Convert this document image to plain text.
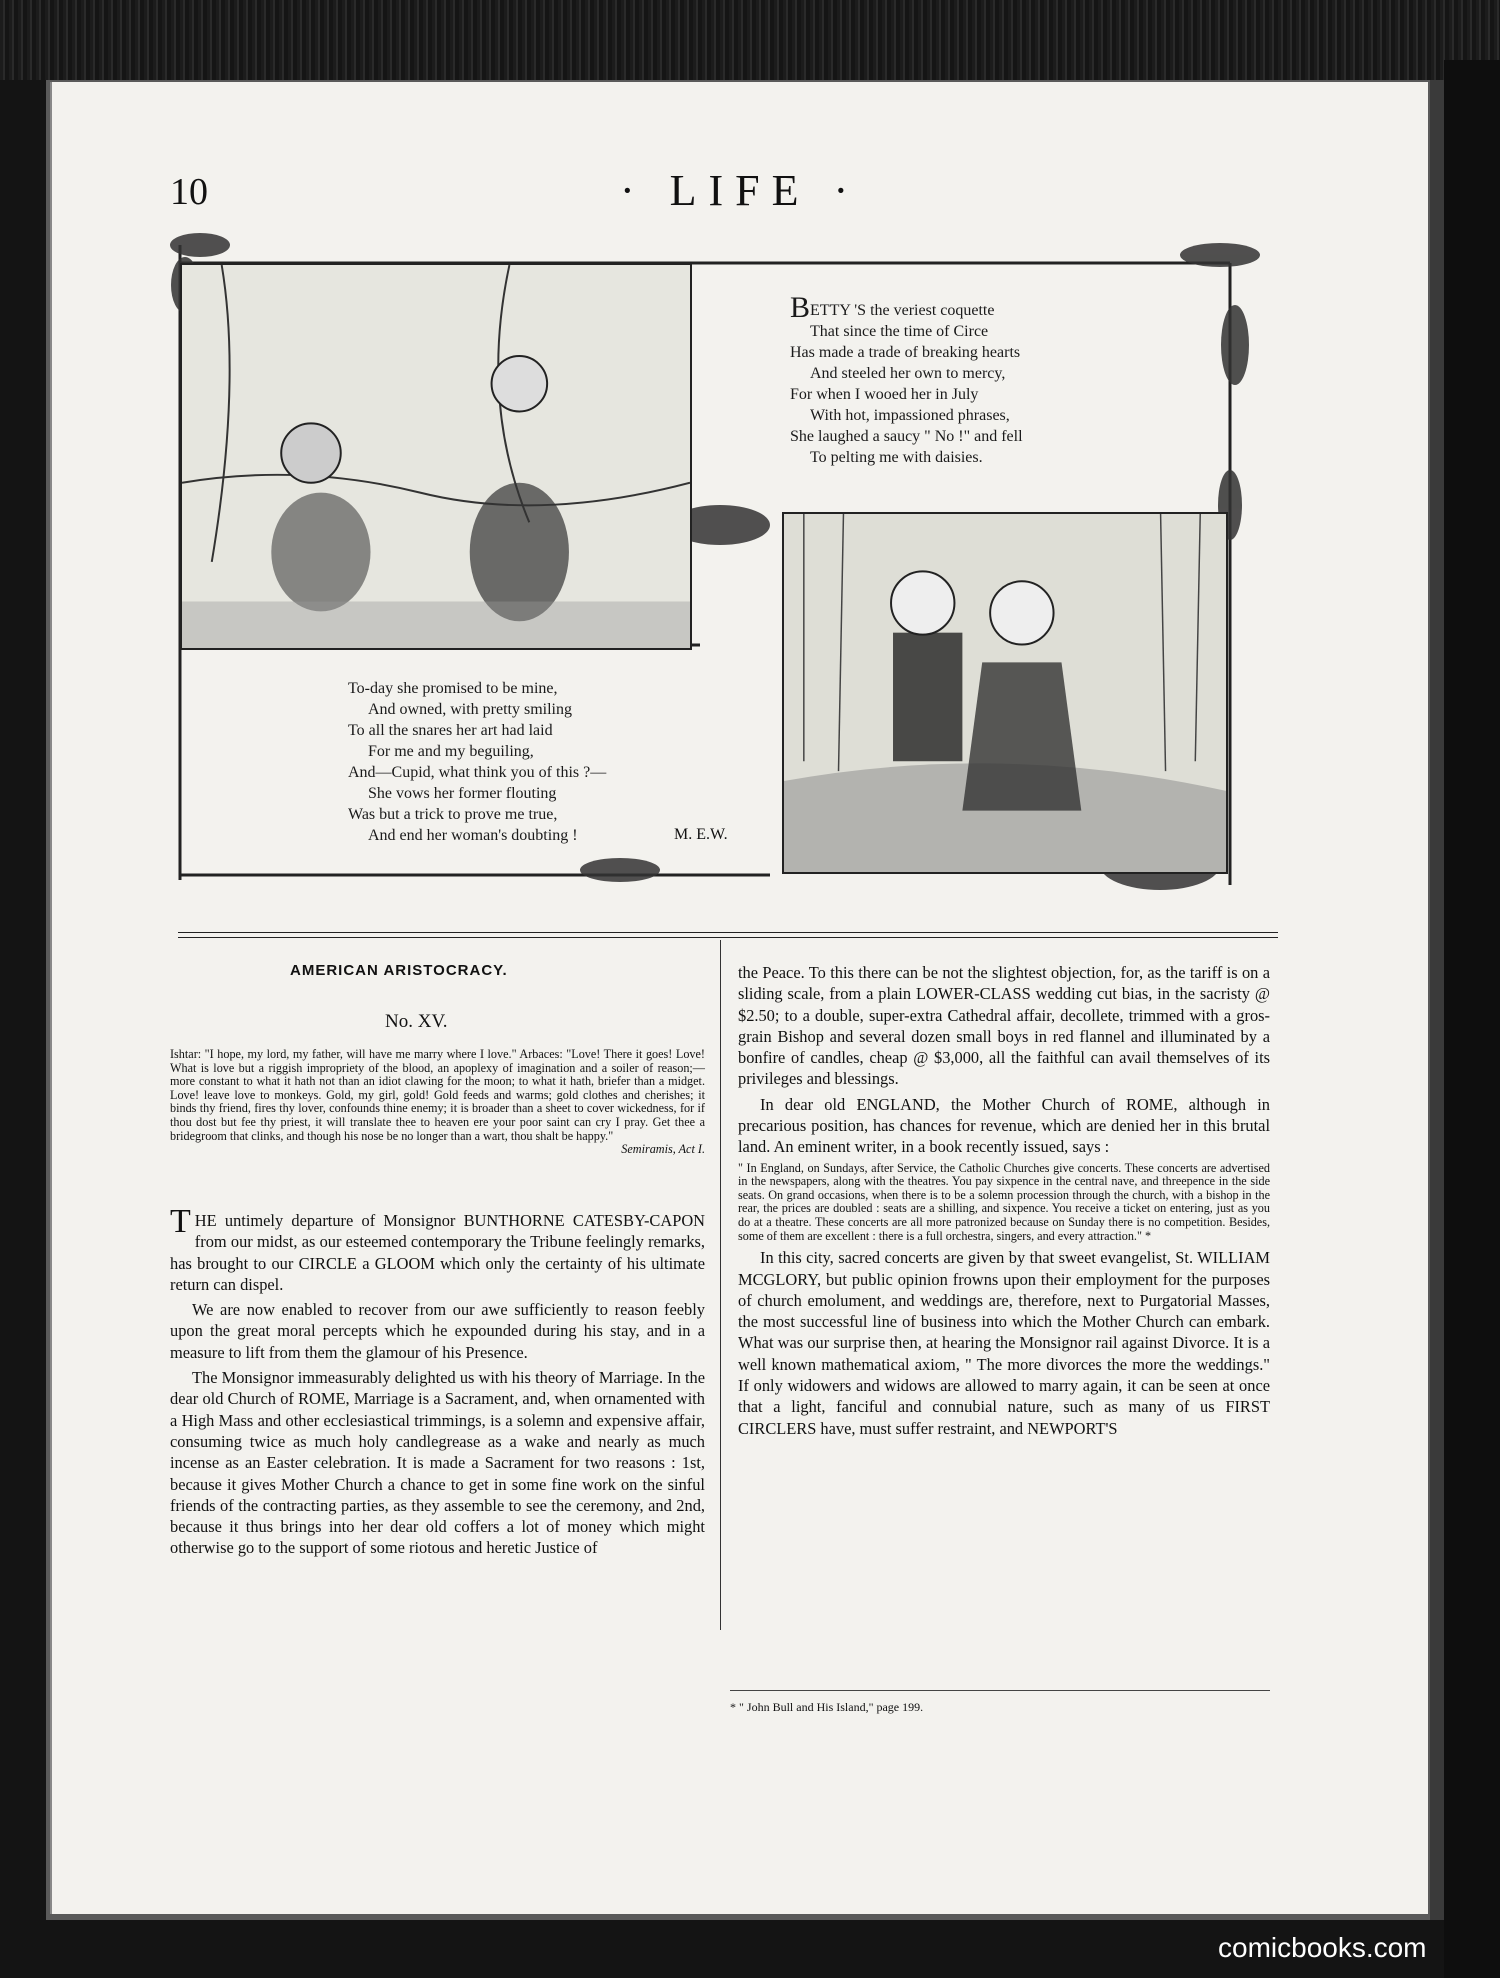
10	· LIFE ·
BETTY 'S the veriest coquette
That since the time of Circe
Has made a trade of breaking hearts
And steeled her own to mercy,
For when I wooed her in July
With hot, impassioned phrases,
She laughed a saucy " No !" and fell
To pelting me with daisies.
To-day she promised to be mine,
And owned, with pretty smiling
To all the snares her art had laid
For me and my beguiling,
And—Cupid, what think you of this ?—
She vows her former flouting
Was but a trick to prove me true,
And end her woman's doubting !	M. E.W.
AMERICAN ARISTOCRACY.
No. XV.

Ishtar: "I hope, my lord, my father, will have me marry where I love." Arbaces: "Love! There it goes! Love! What is love but a riggish impropriety of the blood, an apoplexy of imagination and a soiler of reason;—more constant to what it hath not than an idiot clawing for the moon; to what it hath, briefer than a midget. Love! leave love to monkeys. Gold, my girl, gold! Gold feeds and warms; gold clothes and cherishes; it binds thy friend, fires thy lover, confounds thine enemy; it is broader than a sheet to cover wickedness, for if thou dost but fee thy priest, it will translate thee to heaven ere your poor saint can cry I pray. Get thee a bridegroom that clinks, and though his nose be no longer than a wart, thou shalt be happy."

Semiramis, Act I.

THE untimely departure of Monsignor BUNTHORNE CATESBY-CAPON from our midst, as our esteemed contemporary the Tribune feelingly remarks, has brought to our CIRCLE a GLOOM which only the certainty of his ultimate return can dispel.

We are now enabled to recover from our awe sufficiently to reason feebly upon the great moral percepts which he expounded during his stay, and in a measure to lift from them the glamour of his Presence.

The Monsignor immeasurably delighted us with his theory of Marriage. In the dear old Church of ROME, Marriage is a Sacrament, and, when ornamented with a High Mass and other ecclesiastical trimmings, is a solemn and expensive affair, consuming twice as much holy candlegrease as a wake and nearly as much incense as an Easter celebration. It is made a Sacrament for two reasons : 1st, because it gives Mother Church a chance to get in some fine work on the sinful friends of the contracting parties, as they assemble to see the ceremony, and 2nd, because it thus brings into her dear old coffers a lot of money which might otherwise go to the support of some riotous and heretic Justice of

the Peace. To this there can be not the slightest objection, for, as the tariff is on a sliding scale, from a plain LOWER-CLASS wedding cut bias, in the sacristy @ $2.50; to a double, super-extra Cathedral affair, decollete, trimmed with a gros-grain Bishop and several dozen small boys in red flannel and illuminated by a bonfire of candles, cheap @ $3,000, all the faithful can avail themselves of its privileges and blessings.

In dear old ENGLAND, the Mother Church of ROME, although in precarious position, has chances for revenue, which are denied her in this brutal land. An eminent writer, in a book recently issued, says :

" In England, on Sundays, after Service, the Catholic Churches give concerts. These concerts are advertised in the newspapers, along with the theatres. You pay sixpence in the central nave, and threepence in the side seats. On grand occasions, when there is to be a solemn procession through the church, with a bishop in the rear, the prices are doubled : seats are a shilling, and sixpence. You receive a ticket on entering, just as you do at a theatre. These concerts are all more patronized because on Sunday there is no competition. Besides, some of them are excellent : there is a full orchestra, singers, and every attraction." *

In this city, sacred concerts are given by that sweet evangelist, St. WILLIAM MCGLORY, but public opinion frowns upon their employment for the purposes of church emolument, and weddings are, therefore, next to Purgatorial Masses, the most successful line of business into which the Mother Church can embark. What was our surprise then, at hearing the Monsignor rail against Divorce. It is a well known mathematical axiom, " The more divorces the more the weddings." If only widowers and widows are allowed to marry again, it can be seen at once that a light, fanciful and connubial nature, such as many of us FIRST CIRCLERS have, must suffer restraint, and NEWPORT'S

* " John Bull and His Island," page 199.
comicbooks.com
